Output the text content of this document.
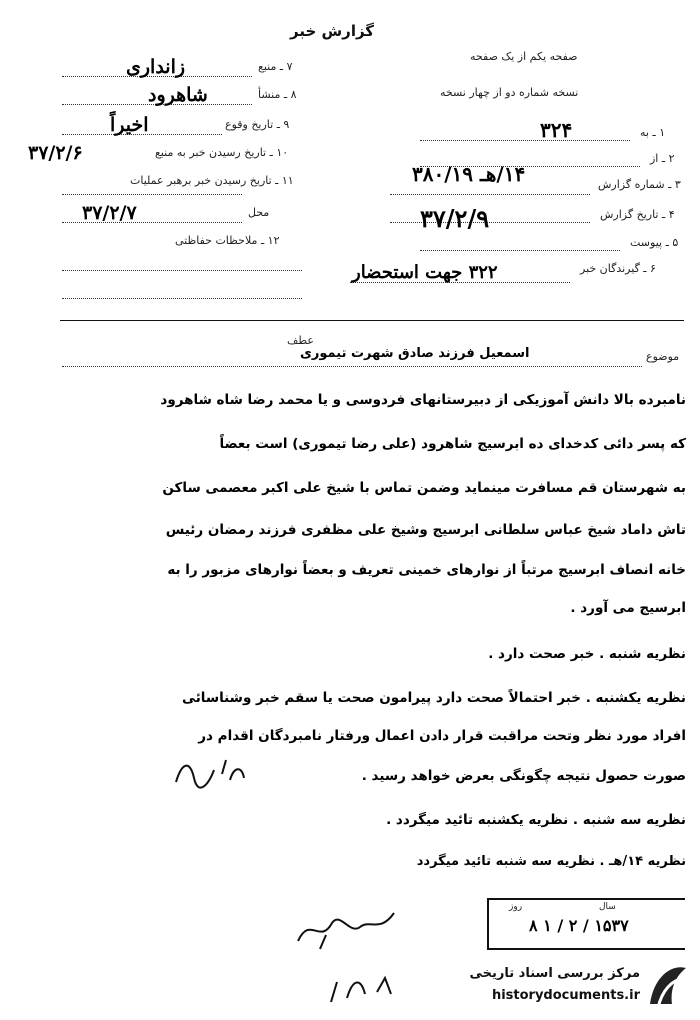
گزارش خبر
صفحه یکم از یک صفحه
نسخه شماره دو از چهار نسخه
۱ ـ به
۳۲۴
۲ ـ از
۳ ـ شماره گزارش
۱۴/هـ ۳۸۰/۱۹
۴ ـ تاریخ گزارش
۳۷/۲/۹
۵ ـ پیوست
۶ ـ گیرندگان خبر
۳۲۲ جهت استحضار
۷ ـ منبع
زانداری
۸ ـ منشأ
شاهرود
۹ ـ تاریخ وقوع
اخیراً
۱۰ ـ تاریخ رسیدن خبر به منبع
۳۷/۲/۶
۱۱ ـ تاریخ رسیدن خبر برهبر عملیات
محل
۳۷/۲/۷
۱۲ ـ ملاحظات حفاظتی
عطف
موضوع
اسمعیل فرزند صادق شهرت تیموری
نامبرده بالا دانش آموزیکی از دبیرستانهای فردوسی و یا محمد رضا شاه شاهرود
که پسر دائی کدخدای ده ابرسیج شاهرود (علی رضا تیموری) است بعضاً
به شهرستان قم مسافرت مینماید وضمن تماس با شیخ علی اکبر معصمی ساکن
تاش داماد شیخ عباس سلطانی ابرسیج وشیخ علی مظفری فرزند رمضان رئیس
خانه انصاف ابرسیج مرتباً از نوارهای خمینی تعریف و بعضاً نوارهای مزبور را به
ابرسیج می آورد .
نظریه شنبه . خبر صحت دارد .
نظریه یکشنبه . خبر احتمالاً صحت دارد پیرامون صحت یا سقم خبر وشناسائی
افراد مورد نظر وتحت مراقبت قرار دادن اعمال ورفتار نامبردگان اقدام در
صورت حصول نتیجه چگونگی بعرض خواهد رسید .
نظریه سه شنبه . نظریه یکشنبه تائید میگردد .
نظریه ۱۴/هـ . نظریه سه شنبه تائید میگردد
روز	سال
۱۵۳۷ / ۲ / ۱ ۸
مرکز بررسی اسناد تاریخی
historydocuments.ir
